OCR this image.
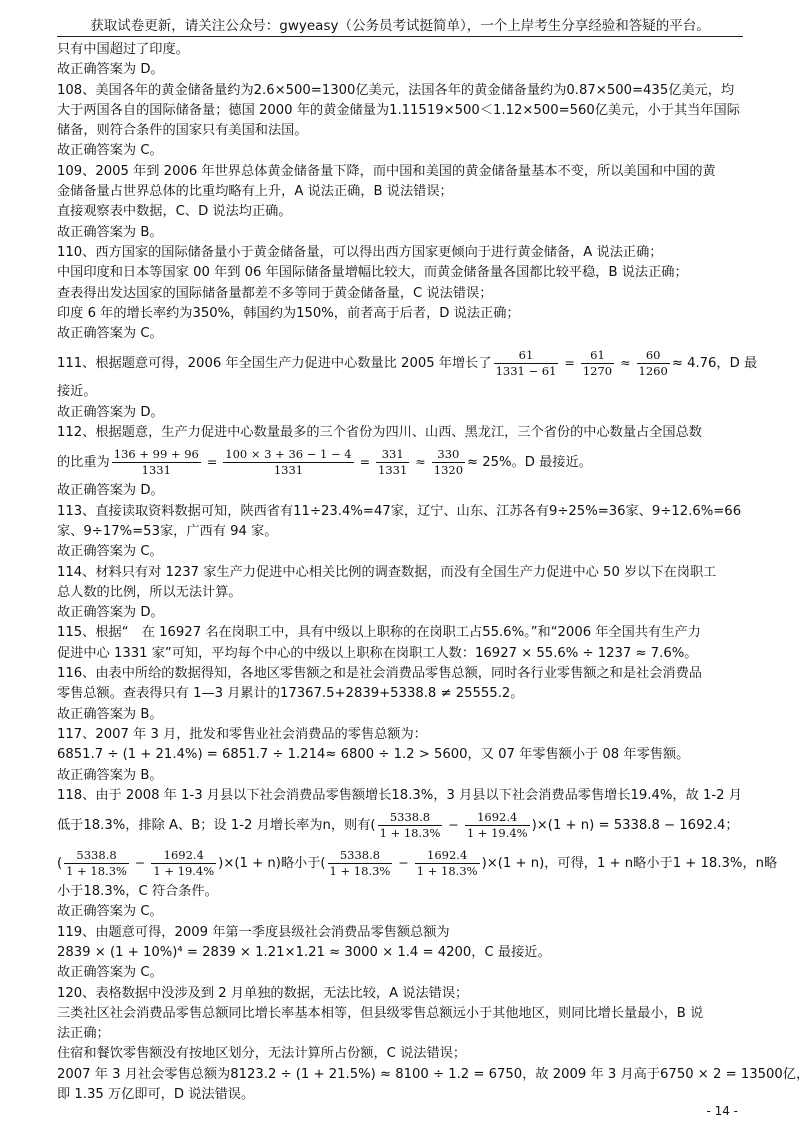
获取试卷更新，请关注公众号：gwyeasy（公务员考试挺简单），一个上岸考生分享经验和答疑的平台。
只有中国超过了印度。
故正确答案为 D。
108、美国各年的黄金储备量约为2.6×500=1300亿美元，法国各年的黄金储备量约为0.87×500=435亿美元，均
大于两国各自的国际储备量；德国 2000 年的黄金储量为1.11519×500＜1.12×500=560亿美元，小于其当年国际
储备，则符合条件的国家只有美国和法国。
故正确答案为 C。
109、2005 年到 2006 年世界总体黄金储备量下降，而中国和美国的黄金储备量基本不变，所以美国和中国的黄
金储备量占世界总体的比重均略有上升，A 说法正确，B 说法错误；
直接观察表中数据，C、D 说法均正确。
故正确答案为 B。
110、西方国家的国际储备量小于黄金储备量，可以得出西方国家更倾向于进行黄金储备，A 说法正确；
中国印度和日本等国家 00 年到 06 年国际储备量增幅比较大，而黄金储备量各国都比较平稳，B 说法正确；
查表得出发达国家的国际储备量都差不多等同于黄金储备量，C 说法错误；
印度 6 年的增长率约为350%，韩国约为150%，前者高于后者，D 说法正确；
故正确答案为 C。
111、根据题意可得，2006 年全国生产力促进中心数量比 2005 年增长了 $\frac{61}{1331 - 61} = \frac{61}{1270} \approx \frac{60}{1260} \approx 4.76$，D 最
接近。
故正确答案为 D。
112、根据题意，生产力促进中心数量最多的三个省份为四川、山西、黑龙江，三个省份的中心数量占全国总数
的比重为 $\frac{136 + 99 + 96}{1331} = \frac{100 \times 3 + 36 - 1 - 4}{1331} = \frac{331}{1331} \approx \frac{330}{1320} \approx 25\%$。D 最接近。
故正确答案为 D。
113、直接读取资料数据可知，陕西省有11÷23.4%=47家，辽宁、山东、江苏各有9÷25%=36家、9÷12.6%=66
家、9÷17%=53家，广西有 94 家。
故正确答案为 C。
114、材料只有对 1237 家生产力促进中心相关比例的调查数据，而没有全国生产力促进中心 50 岁以下在岗职工
总人数的比例，所以无法计算。
故正确答案为 D。
115、根据“　在 16927 名在岗职工中，具有中级以上职称的在岗职工占55.6%。”和“2006 年全国共有生产力
促进中心 1331 家”可知，平均每个中心的中级以上职称在岗职工人数：16927 × 55.6% ÷ 1237 ≈ 7.6%。
116、由表中所给的数据得知，各地区零售额之和是社会消费品零售总额，同时各行业零售额之和是社会消费品
零售总额。查表得只有 1—3 月累计的17367.5+2839+5338.8 ≠ 25555.2。
故正确答案为 B。
117、2007 年 3 月，批发和零售业社会消费品的零售总额为：
6851.7 ÷ (1 + 21.4%) = 6851.7 ÷ 1.214≈ 6800 ÷ 1.2 > 5600，又 07 年零售额小于 08 年零售额。
故正确答案为 B。
118、由于 2008 年 1-3 月县以下社会消费品零售额增长18.3%，3 月县以下社会消费品零售增长19.4%，故 1-2 月
低于18.3%，排除 A、B；设 1-2 月增长率为n，则有( $\frac{5338.8}{1 + 18.3\%} - \frac{1692.4}{1 + 19.4\%} )\times(1 + n) = 5338.8 - 1692.4$；
( $\frac{5338.8}{1 + 18.3\%} - \frac{1692.4}{1 + 19.4\%} )\times(1 + n)$略小于( $\frac{5338.8}{1 + 18.3\%} - \frac{1692.4}{1 + 18.3\%} )\times(1 + n)$，可得，1 + n略小于1 + 18.3%，n略
小于18.3%，C 符合条件。
故正确答案为 C。
119、由题意可得，2009 年第一季度县级社会消费品零售额总额为
2839 × (1 + 10%)⁴ = 2839 × 1.21×1.21 ≈ 3000 × 1.4 = 4200，C 最接近。
故正确答案为 C。
120、表格数据中没涉及到 2 月单独的数据，无法比较，A 说法错误；
三类社区社会消费品零售总额同比增长率基本相等，但县级零售总额远小于其他地区，则同比增长量最小，B 说
法正确；
住宿和餐饮零售额没有按地区划分，无法计算所占份额，C 说法错误；
2007 年 3 月社会零售总额为8123.2 ÷ (1 + 21.5%) ≈ 8100 ÷ 1.2 = 6750，故 2009 年 3 月高于6750 × 2 = 13500亿，
即 1.35 万亿即可，D 说法错误。
- 14 -
